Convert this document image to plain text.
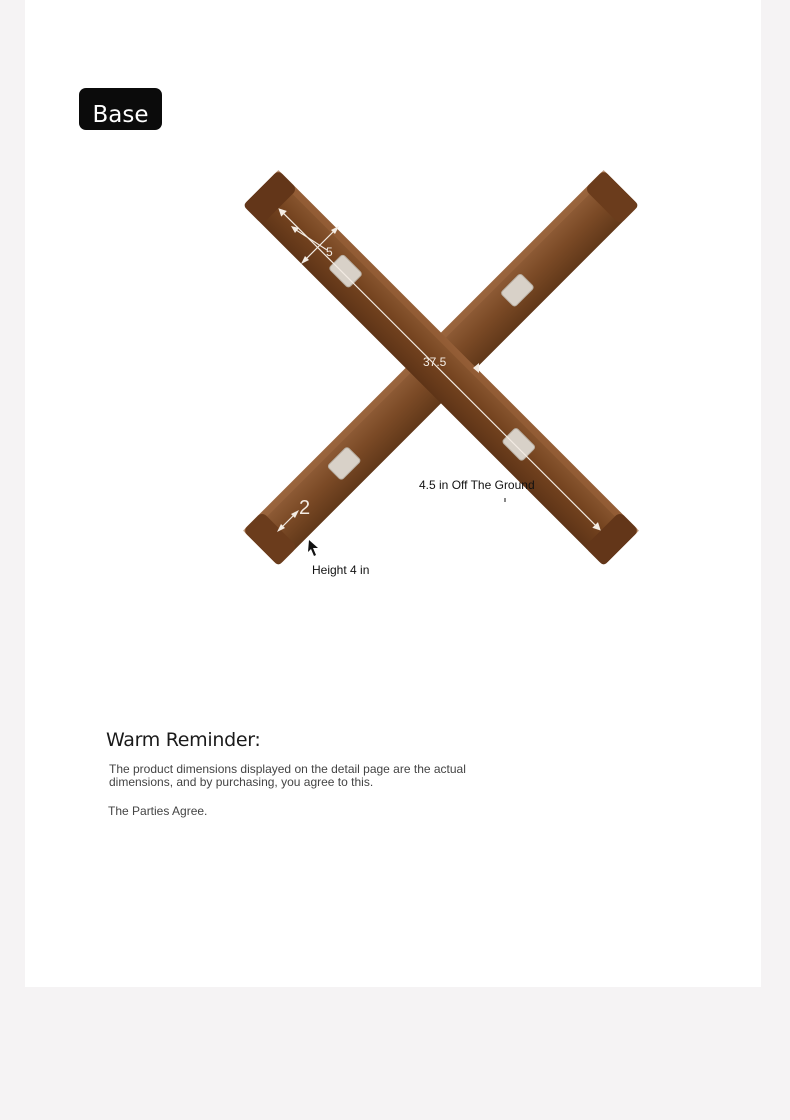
Base
5
37.5
2
4.5 in Off The Ground
Height 4 in
Warm Reminder:
The product dimensions displayed on the detail page are the actual dimensions, and by purchasing, you agree to this.
The Parties Agree.
